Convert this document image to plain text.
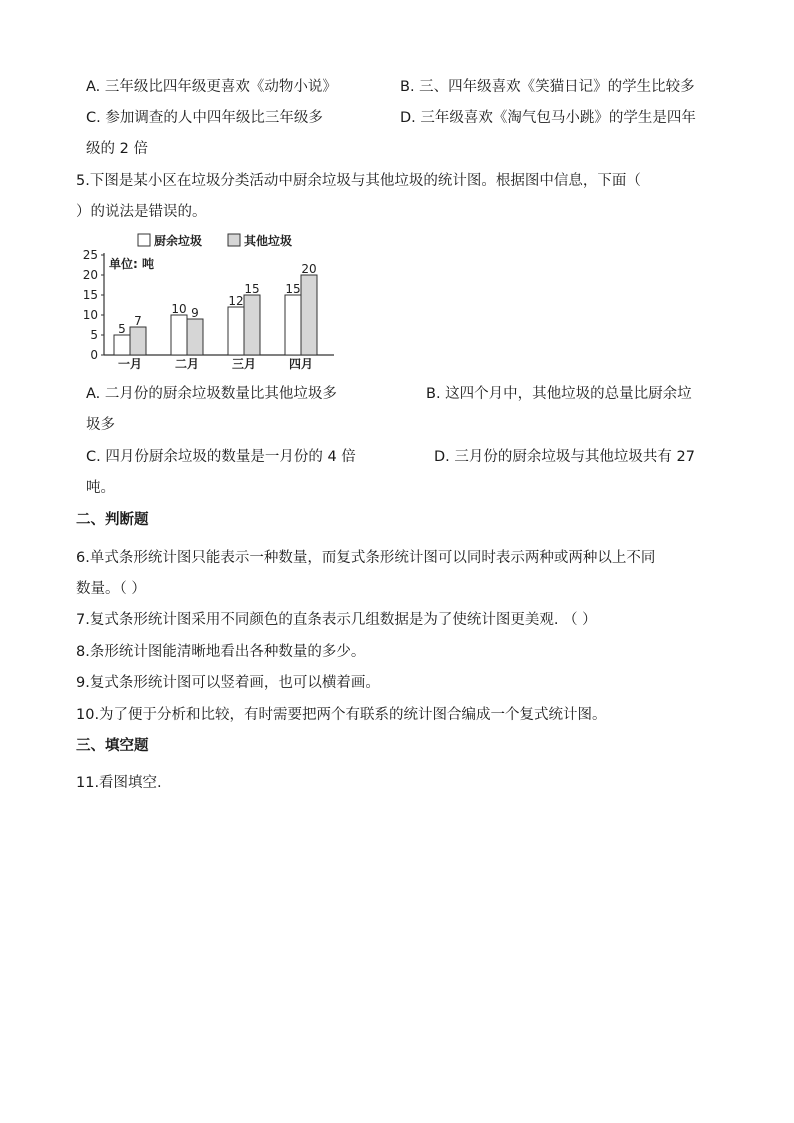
A. 三年级比四年级更喜欢《动物小说》	B. 三、四年级喜欢《笑猫日记》的学生比较多
C. 参加调查的人中四年级比三年级多	D. 三年级喜欢《淘气包马小跳》的学生是四年
级的 2 倍
5.下图是某小区在垃圾分类活动中厨余垃圾与其他垃圾的统计图。根据图中信息，下面（
）的说法是错误的。
厨余垃圾	其他垃圾
0
5
10
15
20
25
单位: 吨
5
7
一月
10 9
二月
12
15
三月
15
20
四月
A. 二月份的厨余垃圾数量比其他垃圾多	B. 这四个月中，其他垃圾的总量比厨余垃
圾多
C. 四月份厨余垃圾的数量是一月份的 4 倍	D. 三月份的厨余垃圾与其他垃圾共有 27
吨。
二、判断题
6.单式条形统计图只能表示一种数量，而复式条形统计图可以同时表示两种或两种以上不同
数量。（ ）
7.复式条形统计图采用不同颜色的直条表示几组数据是为了使统计图更美观. （ ）
8.条形统计图能清晰地看出各种数量的多少。
9.复式条形统计图可以竖着画，也可以横着画。
10.为了便于分析和比较，有时需要把两个有联系的统计图合编成一个复式统计图。
三、填空题
11.看图填空.
